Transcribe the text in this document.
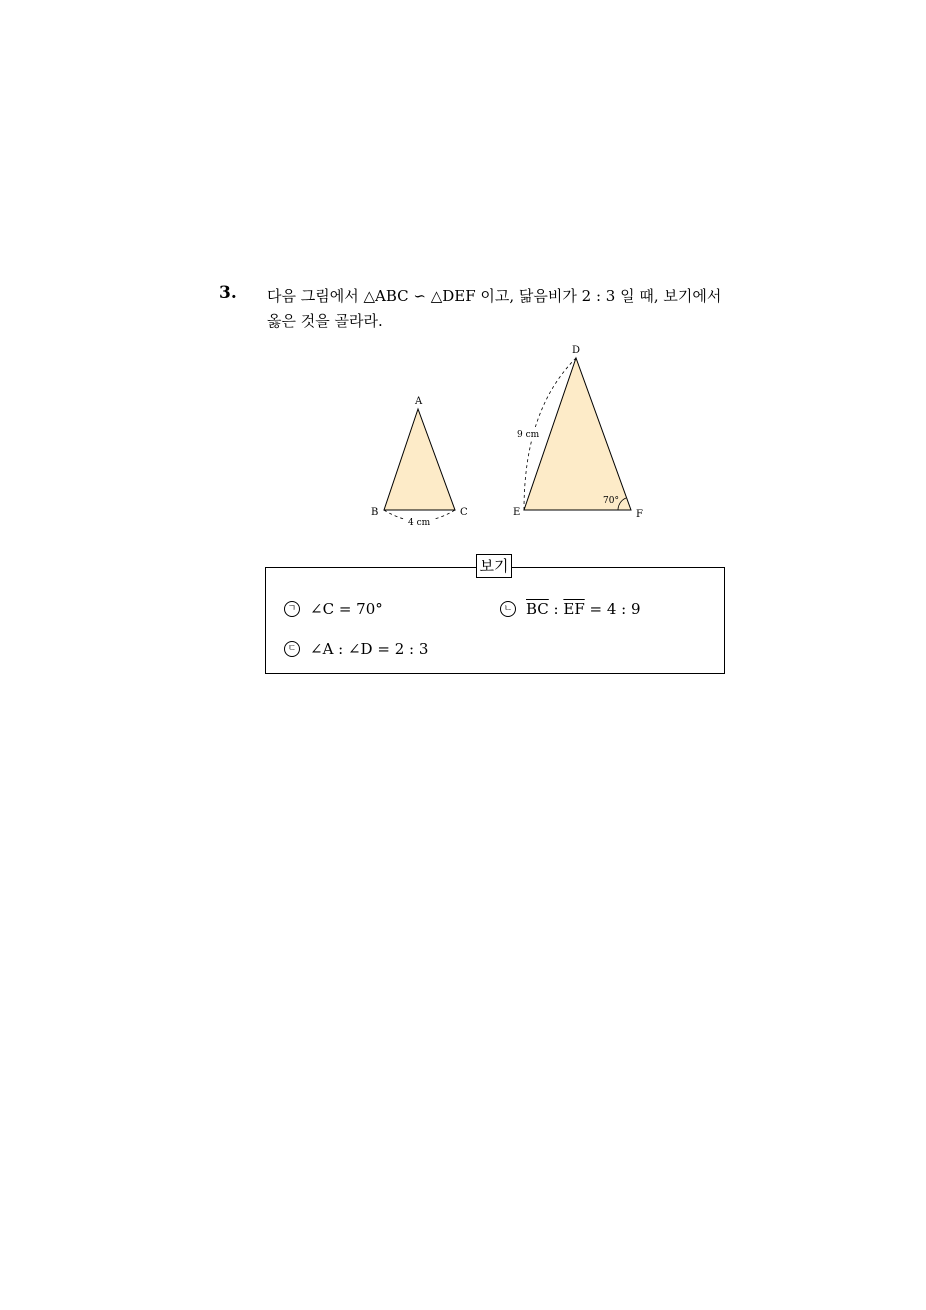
3. 다음 그림에서 △ABC ∽ △DEF 이고, 닮음비가 2 : 3 일 때, 보기에서
옳은 것을 골라라.
A
B	C
4 cm
D
E	F
9 cm
70°
보기
ㄱ ∠C = 70°	ㄴ $\overline{BC}$ : $\overline{EF} = 4$ : 9
ㄷ ∠A : ∠D = 2 : 3
